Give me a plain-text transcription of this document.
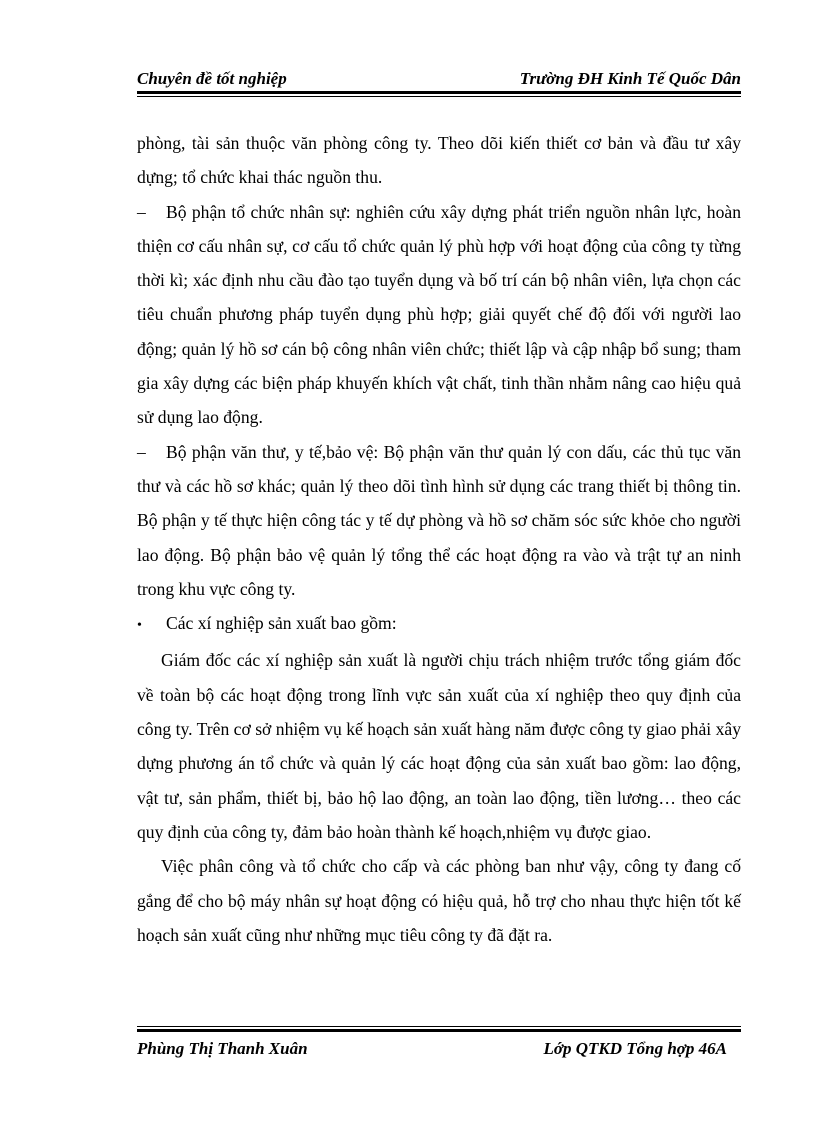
Chuyên đề tốt nghiệp	Trường ĐH Kinh Tế Quốc Dân

phòng, tài sản thuộc văn phòng công ty. Theo dõi kiến thiết cơ bản và đầu tư xây dựng; tổ chức khai thác nguồn thu.

– Bộ phận tổ chức nhân sự: nghiên cứu xây dựng phát triển nguồn nhân lực, hoàn thiện cơ cấu nhân sự, cơ cấu tổ chức quản lý phù hợp với hoạt động của công ty từng thời kì; xác định nhu cầu đào tạo tuyển dụng và bố trí cán bộ nhân viên, lựa chọn các tiêu chuẩn phương pháp tuyển dụng phù hợp; giải quyết chế độ đối với người lao động; quản lý hồ sơ cán bộ công nhân viên chức; thiết lập và cập nhập bổ sung; tham gia xây dựng các biện pháp khuyến khích vật chất, tinh thần nhằm nâng cao hiệu quả sử dụng lao động.

– Bộ phận văn thư, y tế,bảo vệ: Bộ phận văn thư quản lý con dấu, các thủ tục văn thư và các hồ sơ khác; quản lý theo dõi tình hình sử dụng các trang thiết bị thông tin. Bộ phận y tế thực hiện công tác y tế dự phòng và hồ sơ chăm sóc sức khỏe cho người lao động. Bộ phận bảo vệ quản lý tổng thể các hoạt động ra vào và trật tự an ninh trong khu vực công ty.

• Các xí nghiệp sản xuất bao gồm:

Giám đốc các xí nghiệp sản xuất là người chịu trách nhiệm trước tổng giám đốc về toàn bộ các hoạt động trong lĩnh vực sản xuất của xí nghiệp theo quy định của công ty. Trên cơ sở nhiệm vụ kế hoạch sản xuất hàng năm được công ty giao phải xây dựng phương án tổ chức và quản lý các hoạt động của sản xuất bao gồm: lao động, vật tư, sản phẩm, thiết bị, bảo hộ lao động, an toàn lao động, tiền lương… theo các quy định của công ty, đảm bảo hoàn thành kế hoạch,nhiệm vụ được giao.

Việc phân công và tổ chức cho cấp và các phòng ban như vậy, công ty đang cố gắng để cho bộ máy nhân sự hoạt động có hiệu quả, hỗ trợ cho nhau thực hiện tốt kế hoạch sản xuất cũng như những mục tiêu công ty đã đặt ra.

Phùng Thị Thanh Xuân	Lớp QTKD Tổng hợp 46A
